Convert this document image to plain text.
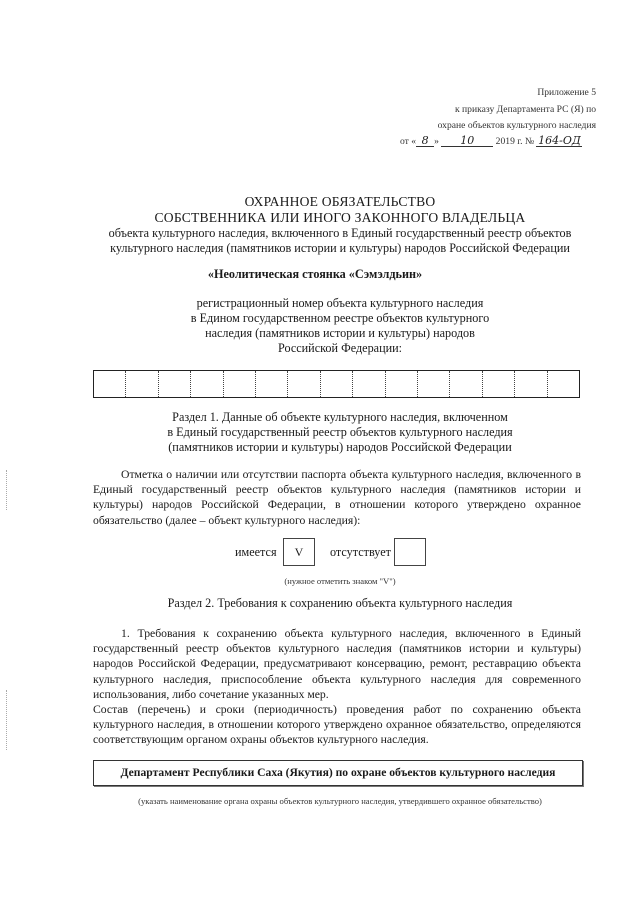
Приложение 5
к приказу Департамента РС (Я) по
охране объектов культурного наследия
от « 8 » 10 2019 г. № 164-ОД
ОХРАННОЕ ОБЯЗАТЕЛЬСТВО
СОБСТВЕННИКА ИЛИ ИНОГО ЗАКОННОГО ВЛАДЕЛЬЦА
объекта культурного наследия, включенного в Единый государственный реестр объектов
культурного наследия (памятников истории и культуры) народов Российской Федерации
«Неолитическая стоянка «Сэмэлдьин»
регистрационный номер объекта культурного наследия
в Едином государственном реестре объектов культурного
наследия (памятников истории и культуры) народов
Российской Федерации:
Раздел 1. Данные об объекте культурного наследия, включенном
в Единый государственный реестр объектов культурного наследия
(памятников истории и культуры) народов Российской Федерации
Отметка о наличии или отсутствии паспорта объекта культурного наследия, включенного в Единый государственный реестр объектов культурного наследия (памятников истории и культуры) народов Российской Федерации, в отношении которого утверждено охранное обязательство (далее – объект культурного наследия):
имеется	V	отсутствует
(нужное отметить знаком "V")
Раздел 2. Требования к сохранению объекта культурного наследия
1. Требования к сохранению объекта культурного наследия, включенного в Единый государственный реестр объектов культурного наследия (памятников истории и культуры) народов Российской Федерации, предусматривают консервацию, ремонт, реставрацию объекта культурного наследия, приспособление объекта культурного наследия для современного использования, либо сочетание указанных мер.
Состав (перечень) и сроки (периодичность) проведения работ по сохранению объекта культурного наследия, в отношении которого утверждено охранное обязательство, определяются соответствующим органом охраны объектов культурного наследия.
Департамент Республики Саха (Якутия) по охране объектов культурного наследия
(указать наименование органа охраны объектов культурного наследия, утвердившего охранное обязательство)
